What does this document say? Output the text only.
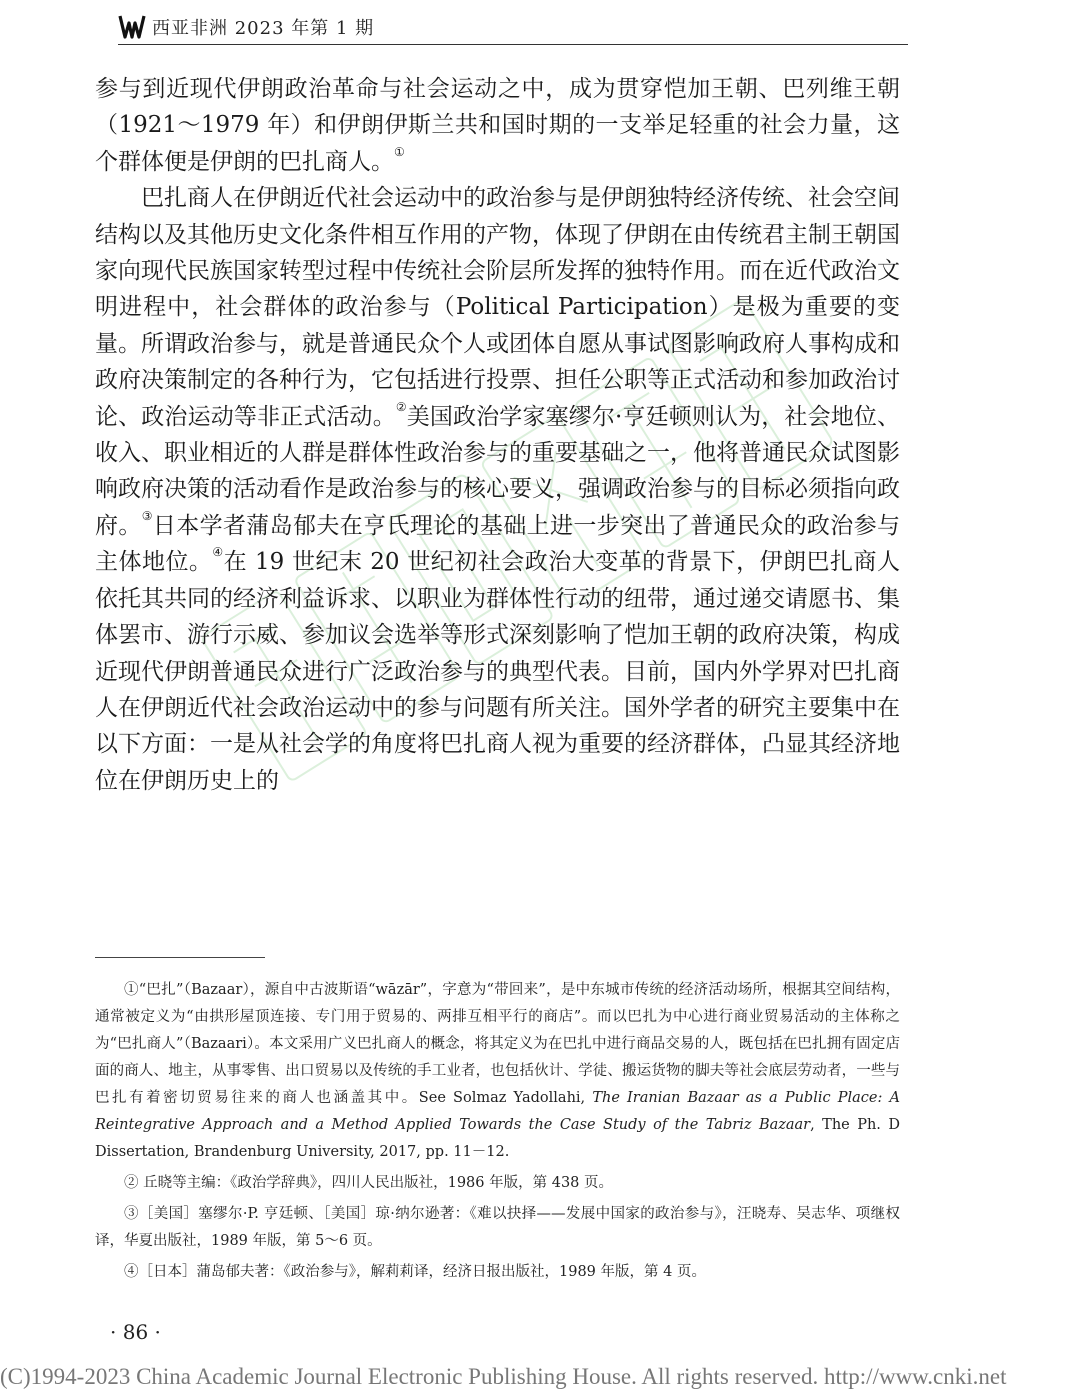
西亚非洲 2023 年第 1 期

参与到近现代伊朗政治革命与社会运动之中，成为贯穿恺加王朝、巴列维王朝（1921～1979 年）和伊朗伊斯兰共和国时期的一支举足轻重的社会力量，这个群体便是伊朗的巴扎商人。①

巴扎商人在伊朗近代社会运动中的政治参与是伊朗独特经济传统、社会空间结构以及其他历史文化条件相互作用的产物，体现了伊朗在由传统君主制王朝国家向现代民族国家转型过程中传统社会阶层所发挥的独特作用。而在近代政治文明进程中，社会群体的政治参与（Political Participation）是极为重要的变量。所谓政治参与，就是普通民众个人或团体自愿从事试图影响政府人事构成和政府决策制定的各种行为，它包括进行投票、担任公职等正式活动和参加政治讨论、政治运动等非正式活动。②美国政治学家塞缪尔·亨廷顿则认为，社会地位、收入、职业相近的人群是群体性政治参与的重要基础之一，他将普通民众试图影响政府决策的活动看作是政治参与的核心要义，强调政治参与的目标必须指向政府。③日本学者蒲岛郁夫在亨氏理论的基础上进一步突出了普通民众的政治参与主体地位。④在 19 世纪末 20 世纪初社会政治大变革的背景下，伊朗巴扎商人依托其共同的经济利益诉求、以职业为群体性行动的纽带，通过递交请愿书、集体罢市、游行示威、参加议会选举等形式深刻影响了恺加王朝的政府决策，构成近现代伊朗普通民众进行广泛政治参与的典型代表。目前，国内外学界对巴扎商人在伊朗近代社会政治运动中的参与问题有所关注。国外学者的研究主要集中在以下方面：一是从社会学的角度将巴扎商人视为重要的经济群体，凸显其经济地位在伊朗历史上的

①“巴扎”（Bazaar），源自中古波斯语“wāzār”，字意为“带回来”，是中东城市传统的经济活动场所，根据其空间结构，通常被定义为“由拱形屋顶连接、专门用于贸易的、两排互相平行的商店”。而以巴扎为中心进行商业贸易活动的主体称之为“巴扎商人”（Bazaari）。本文采用广义巴扎商人的概念，将其定义为在巴扎中进行商品交易的人，既包括在巴扎拥有固定店面的商人、地主，从事零售、出口贸易以及传统的手工业者，也包括伙计、学徒、搬运货物的脚夫等社会底层劳动者，一些与巴扎有着密切贸易往来的商人也涵盖其中。See Solmaz Yadollahi, The Iranian Bazaar as a Public Place: A Reintegrative Approach and a Method Applied Towards the Case Study of the Tabriz Bazaar, The Ph. D Dissertation, Brandenburg University, 2017, pp. 11－12.

② 丘晓等主编：《政治学辞典》，四川人民出版社，1986 年版，第 438 页。

③［美国］塞缪尔·P. 亨廷顿、［美国］琼·纳尔逊著：《难以抉择——发展中国家的政治参与》，汪晓寿、吴志华、项继权译，华夏出版社，1989 年版，第 5～6 页。

④［日本］蒲岛郁夫著：《政治参与》，解莉莉译，经济日报出版社，1989 年版，第 4 页。

· 86 ·
(C)1994-2023 China Academic Journal Electronic Publishing House. All rights reserved. http://www.cnki.net
